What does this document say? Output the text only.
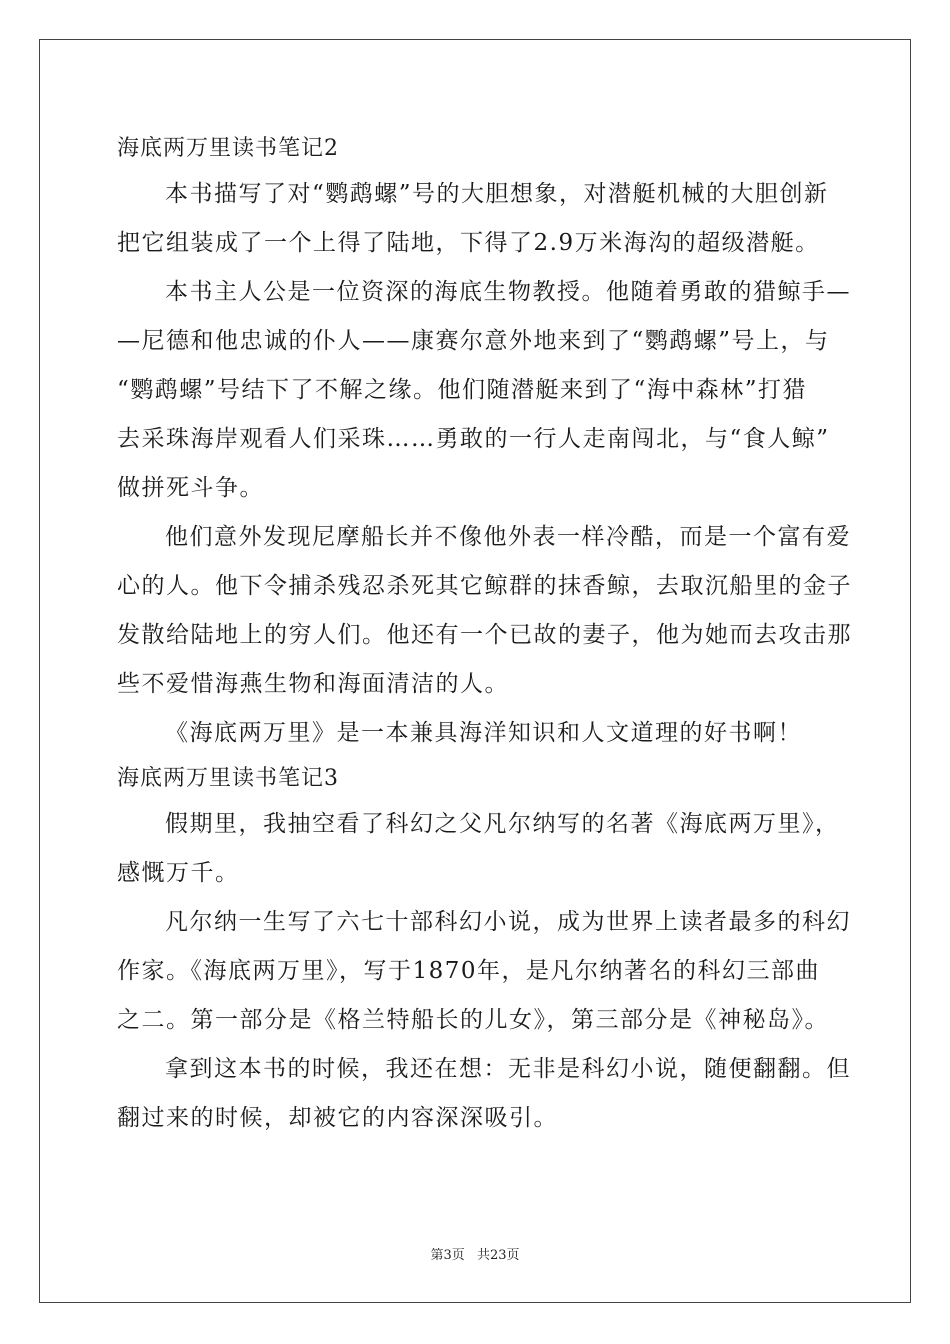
海底两万里读书笔记2
本书描写了对“鹦鹉螺”号的大胆想象，对潜艇机械的大胆创新
把它组装成了一个上得了陆地，下得了2.9万米海沟的超级潜艇。
本书主人公是一位资深的海底生物教授。他随着勇敢的猎鲸手—
—尼德和他忠诚的仆人——康赛尔意外地来到了“鹦鹉螺”号上，与
“鹦鹉螺”号结下了不解之缘。他们随潜艇来到了“海中森林”打猎
去采珠海岸观看人们采珠……勇敢的一行人走南闯北，与“食人鲸”
做拼死斗争。
他们意外发现尼摩船长并不像他外表一样冷酷，而是一个富有爱
心的人。他下令捕杀残忍杀死其它鲸群的抹香鲸，去取沉船里的金子
发散给陆地上的穷人们。他还有一个已故的妻子，他为她而去攻击那
些不爱惜海燕生物和海面清洁的人。
《海底两万里》是一本兼具海洋知识和人文道理的好书啊！
海底两万里读书笔记3
假期里，我抽空看了科幻之父凡尔纳写的名著《海底两万里》，
感慨万千。
凡尔纳一生写了六七十部科幻小说，成为世界上读者最多的科幻
作家。《海底两万里》，写于1870年，是凡尔纳著名的科幻三部曲
之二。第一部分是《格兰特船长的儿女》，第三部分是《神秘岛》。
拿到这本书的时候，我还在想：无非是科幻小说，随便翻翻。但
翻过来的时候，却被它的内容深深吸引。
第3页 共23页
